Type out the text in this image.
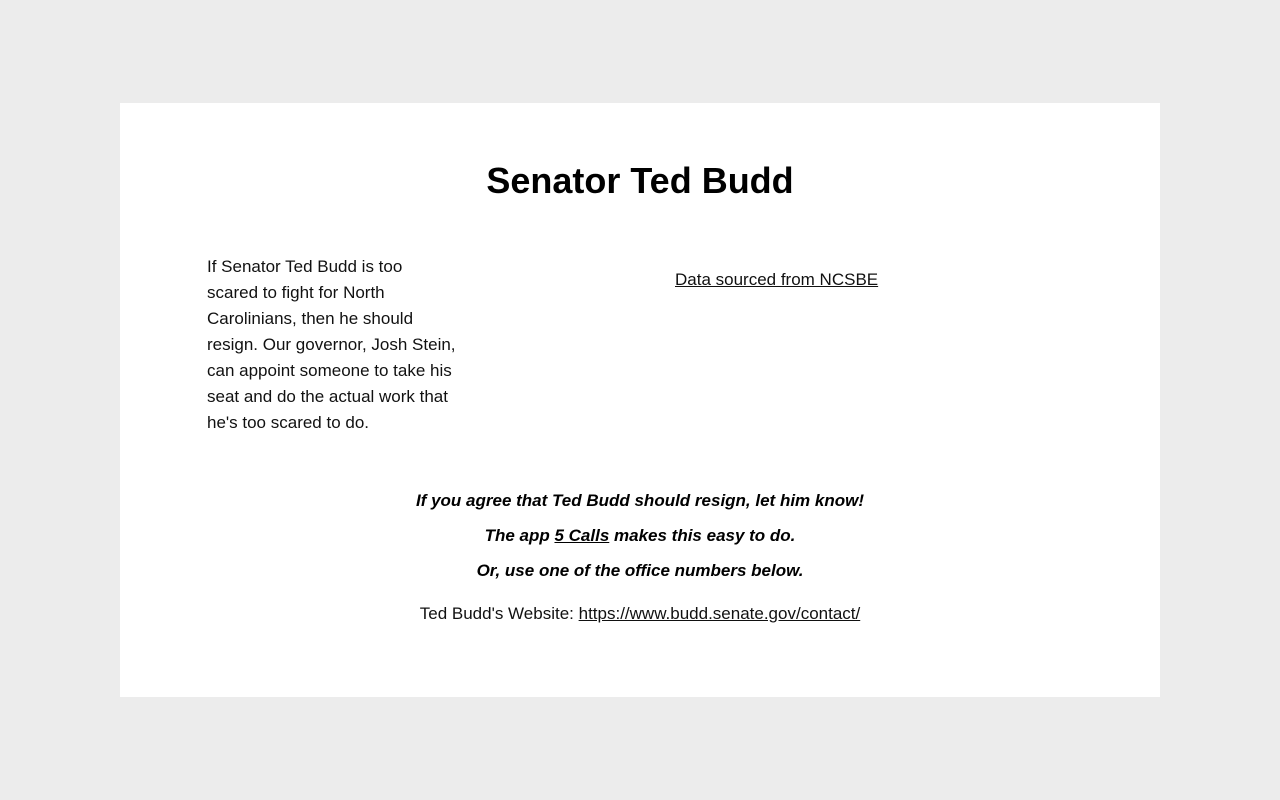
Senator Ted Budd

If Senator Ted Budd is too scared to fight for North Carolinians, then he should resign. Our governor, Josh Stein, can appoint someone to take his seat and do the actual work that he's too scared to do.

Data sourced from NCSBE

If you agree that Ted Budd should resign, let him know!

The app 5 Calls makes this easy to do.

Or, use one of the office numbers below.

Ted Budd's Website: https://www.budd.senate.gov/contact/
